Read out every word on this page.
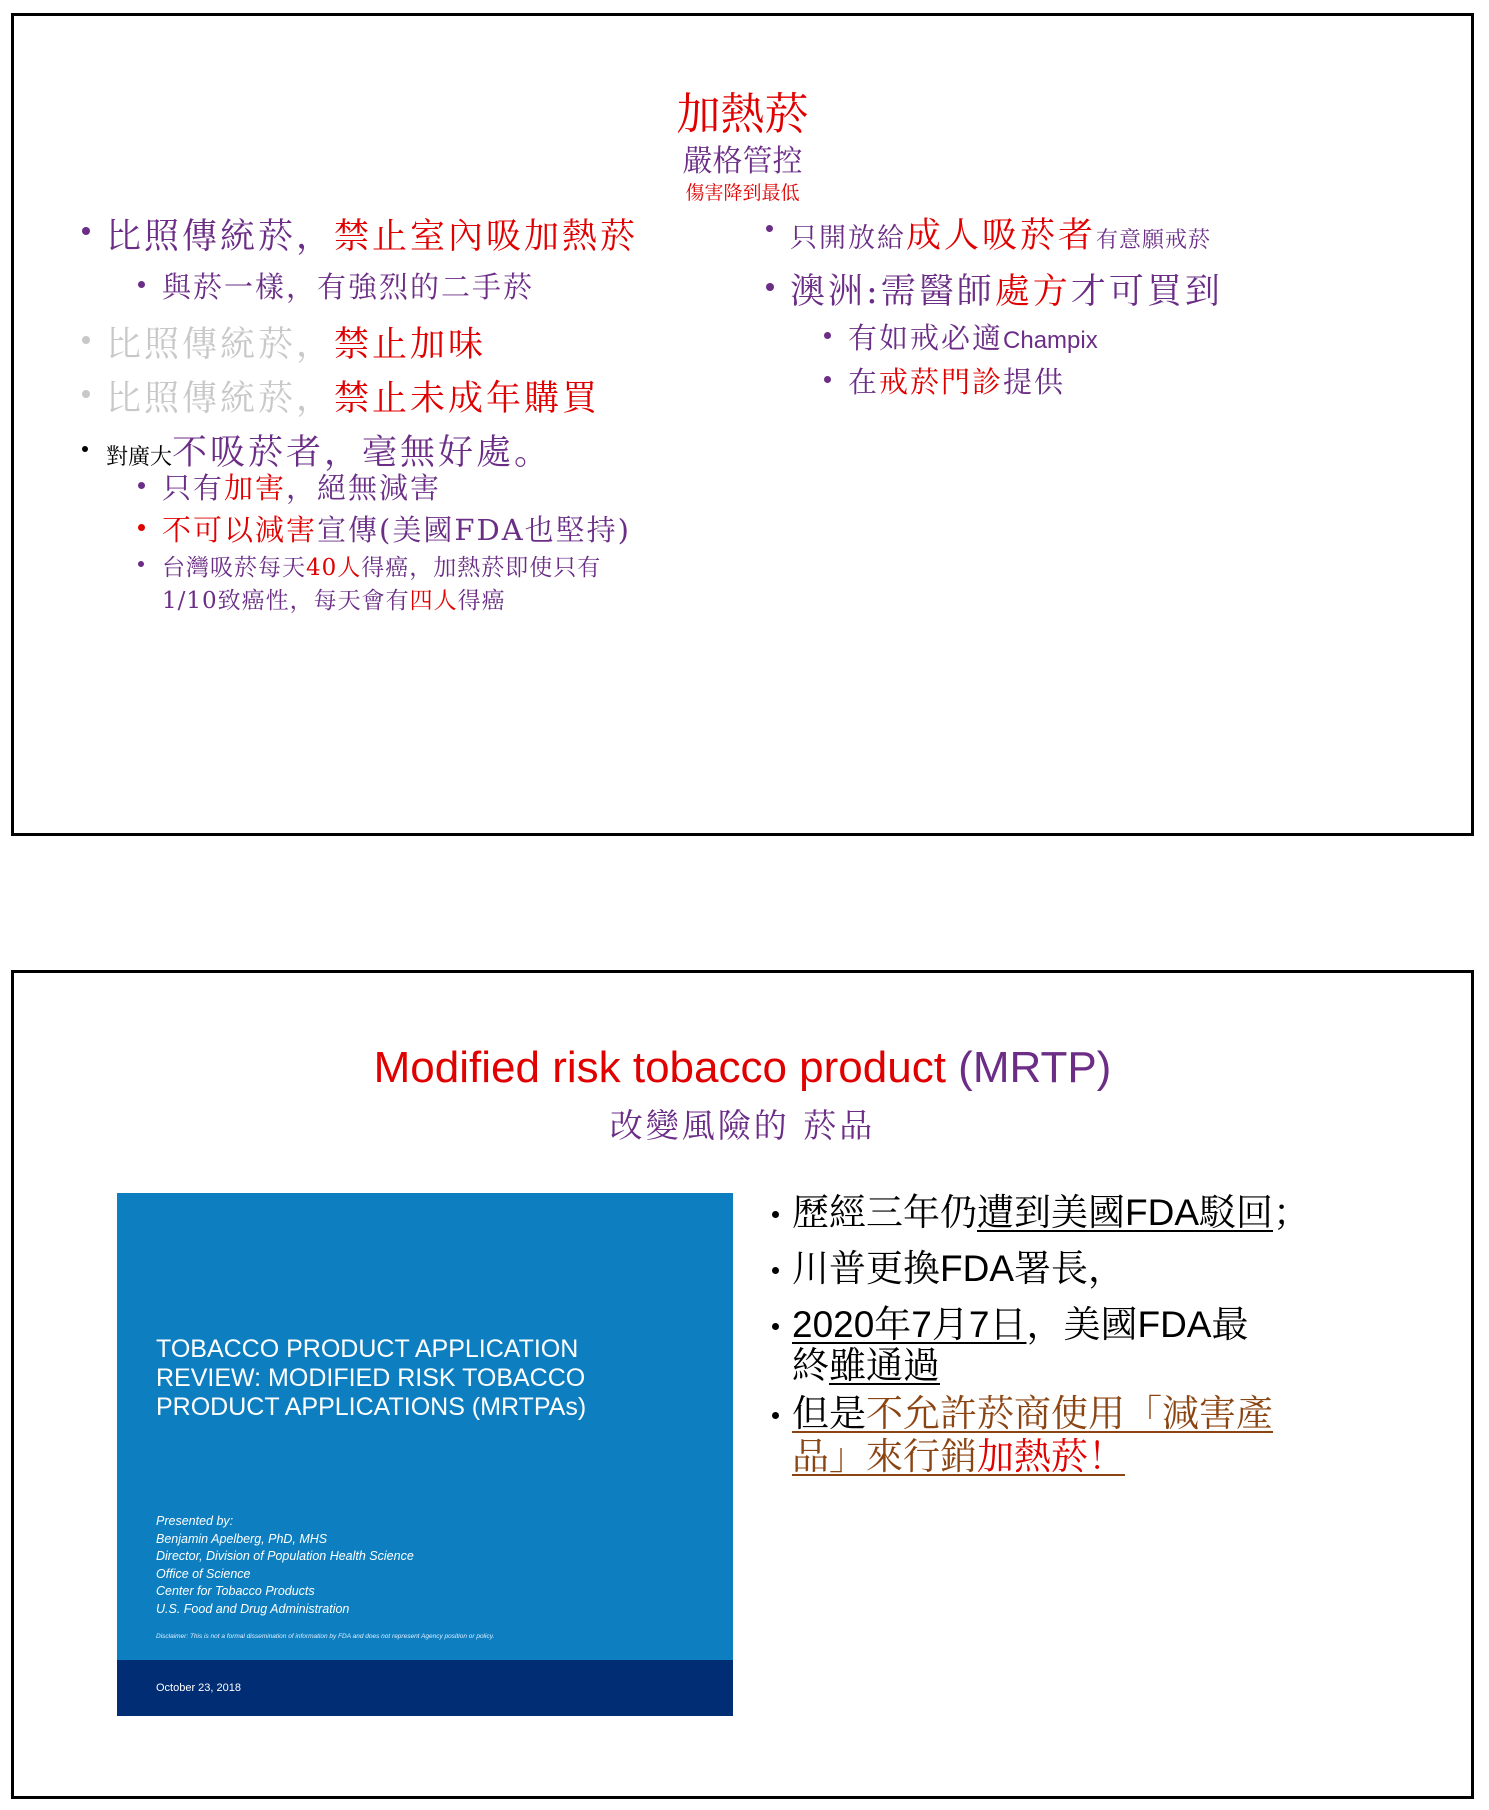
加熱菸
嚴格管控
傷害降到最低
比照傳統菸，禁止室內吸加熱菸
與菸一樣，有強烈的二手菸
比照傳統菸，禁止加味
比照傳統菸，禁止未成年購買
對廣大不吸菸者，毫無好處。
只有加害，絕無減害
不可以減害宣傳(美國FDA也堅持)
台灣吸菸每天40人得癌，加熱菸即使只有
1/10致癌性，每天會有四人得癌
只開放給成人吸菸者有意願戒菸
澳洲:需醫師處方才可買到
有如戒必適Champix
在戒菸門診提供
Modified risk tobacco product (MRTP)
改變風險的 菸品
TOBACCO PRODUCT APPLICATION
REVIEW: MODIFIED RISK TOBACCO
PRODUCT APPLICATIONS (MRTPAs)
Presented by:
Benjamin Apelberg, PhD, MHS
Director, Division of Population Health Science
Office of Science
Center for Tobacco Products
U.S. Food and Drug Administration
Disclaimer: This is not a formal dissemination of information by FDA and does not represent Agency position or policy.
October 23, 2018
歷經三年仍遭到美國FDA駁回；
川普更換FDA署長，
2020年7月7日，美國FDA最
終雖通過
但是不允許菸商使用「減害產
品」來行銷加熱菸！
